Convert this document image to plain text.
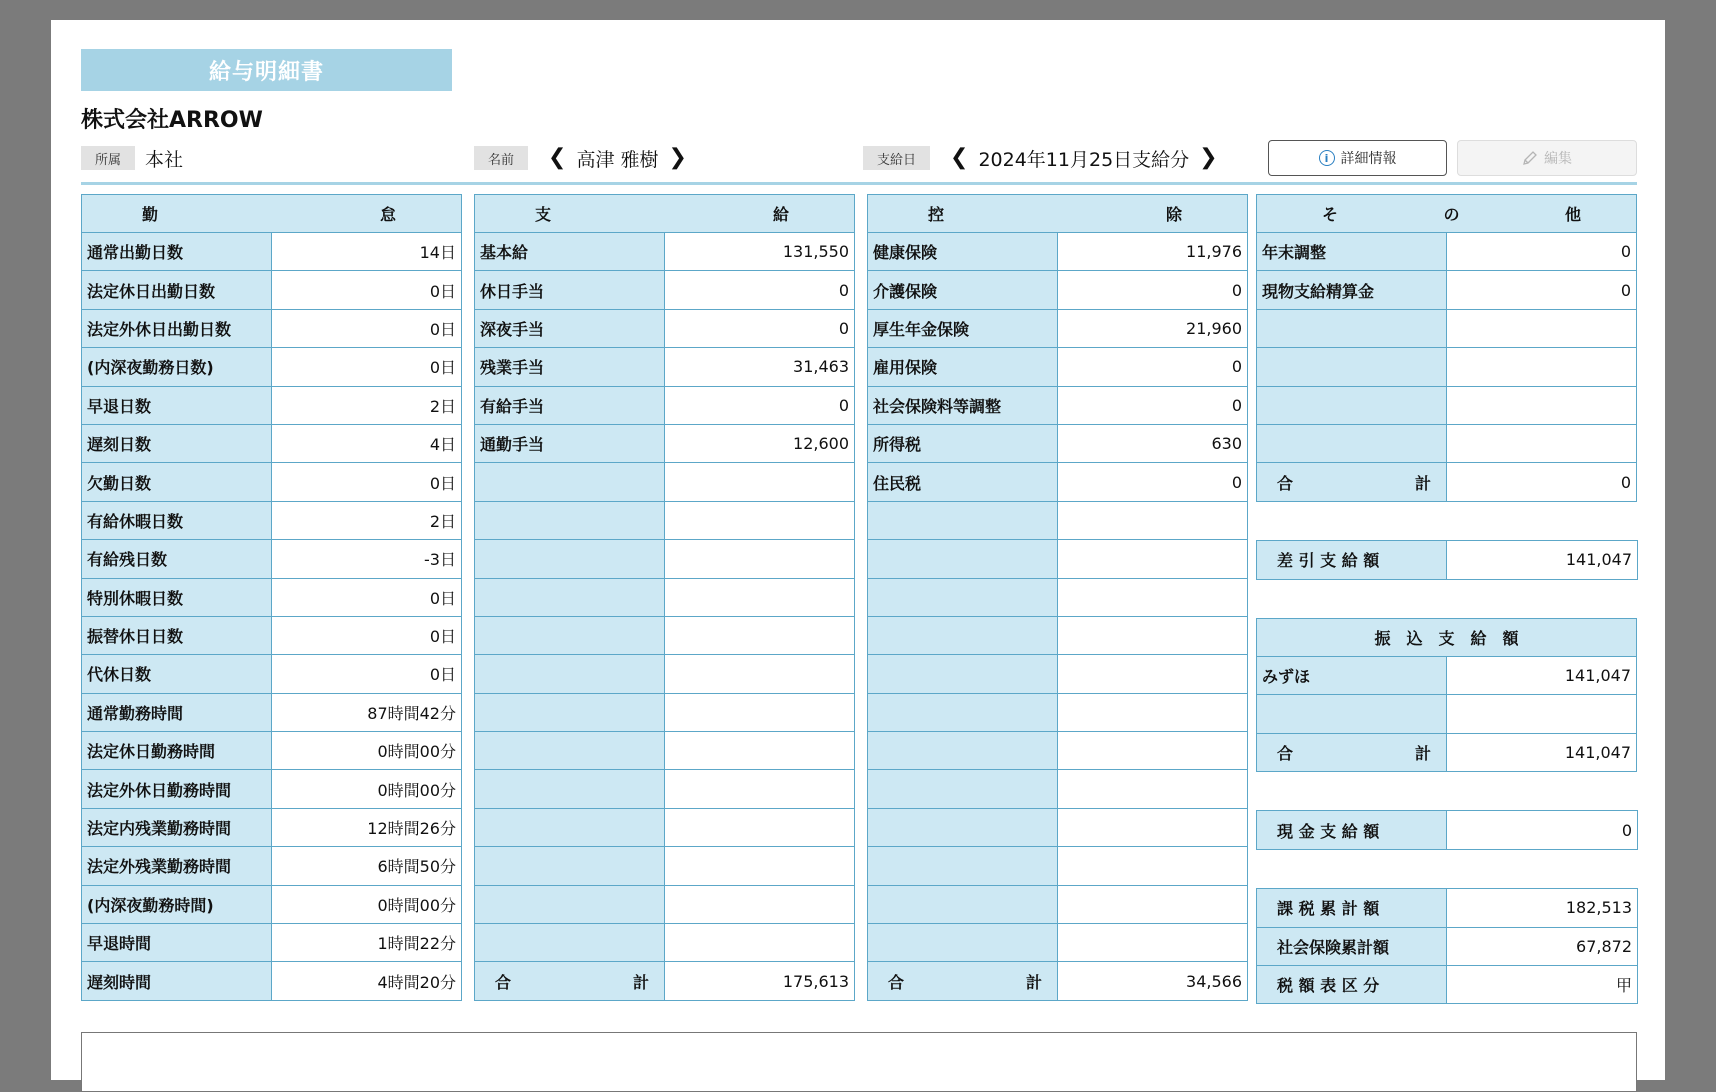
給与明細書
株式会社ARROW
所属	本社	名前	❮ 高津 雅樹 ❯	支給日	❮ 2024年11月25日支給分 ❯	i 詳細情報	編集
勤 怠	

通常出勤日数	14日
法定休日出勤日数	0日
法定外休日出勤日数	0日
(内深夜勤務日数)	0日
早退日数	2日
遅刻日数	4日
欠勤日数	0日
有給休暇日数	2日
有給残日数	-3日
特別休暇日数	0日
振替休日日数	0日
代休日数	0日
通常勤務時間	87時間42分
法定休日勤務時間	0時間00分
法定外休日勤務時間	0時間00分
法定内残業勤務時間	12時間26分
法定外残業勤務時間	6時間50分
(内深夜勤務時間)	0時間00分
早退時間	1時間22分
遅刻時間	4時間20分
支 給	

基本給	131,550
休日手当	0
深夜手当	0
残業手当	31,463
有給手当	0
通勤手当	12,600

合 計	175,613
控 除	

健康保険	11,976
介護保険	0
厚生年金保険	21,960
雇用保険	0
社会保険料等調整	0
所得税	630
住民税	0

合 計	34,566
そ の 他	

年末調整	0
現物支給精算金	0

合 計	0
差 引 支 給 額	141,047
振　込　支　給　額	
みずほ	141,047

合 計	141,047
現 金 支 給 額	0
課 税 累 計 額	182,513
社会保険累計額	67,872
税 額 表 区 分	甲
